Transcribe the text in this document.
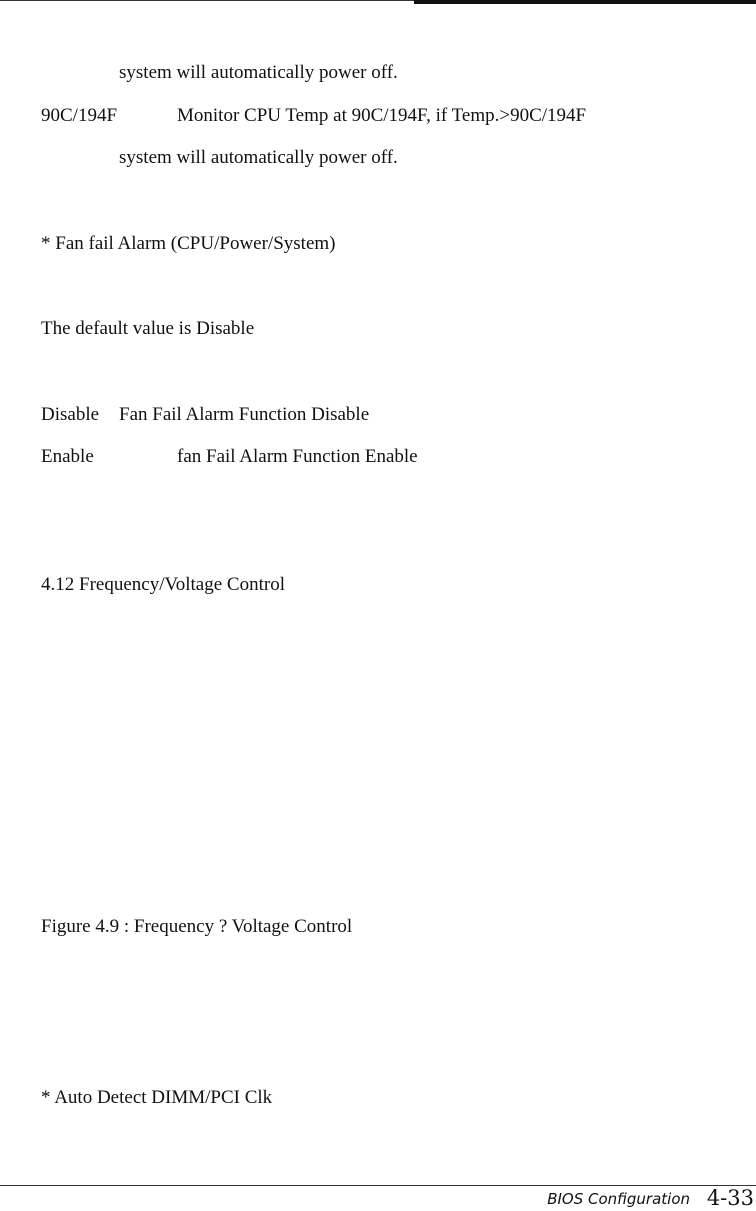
system will automatically power off.
90C/194F	Monitor CPU Temp at 90C/194F, if Temp.>90C/194F
system will automatically power off.
* Fan fail Alarm (CPU/Power/System)
The default value is Disable
Disable Fan Fail Alarm Function Disable
Enable	fan Fail Alarm Function Enable
4.12 Frequency/Voltage Control
Figure 4.9 : Frequency ? Voltage Control
* Auto Detect DIMM/PCI Clk
BIOS Configuration 4-33
